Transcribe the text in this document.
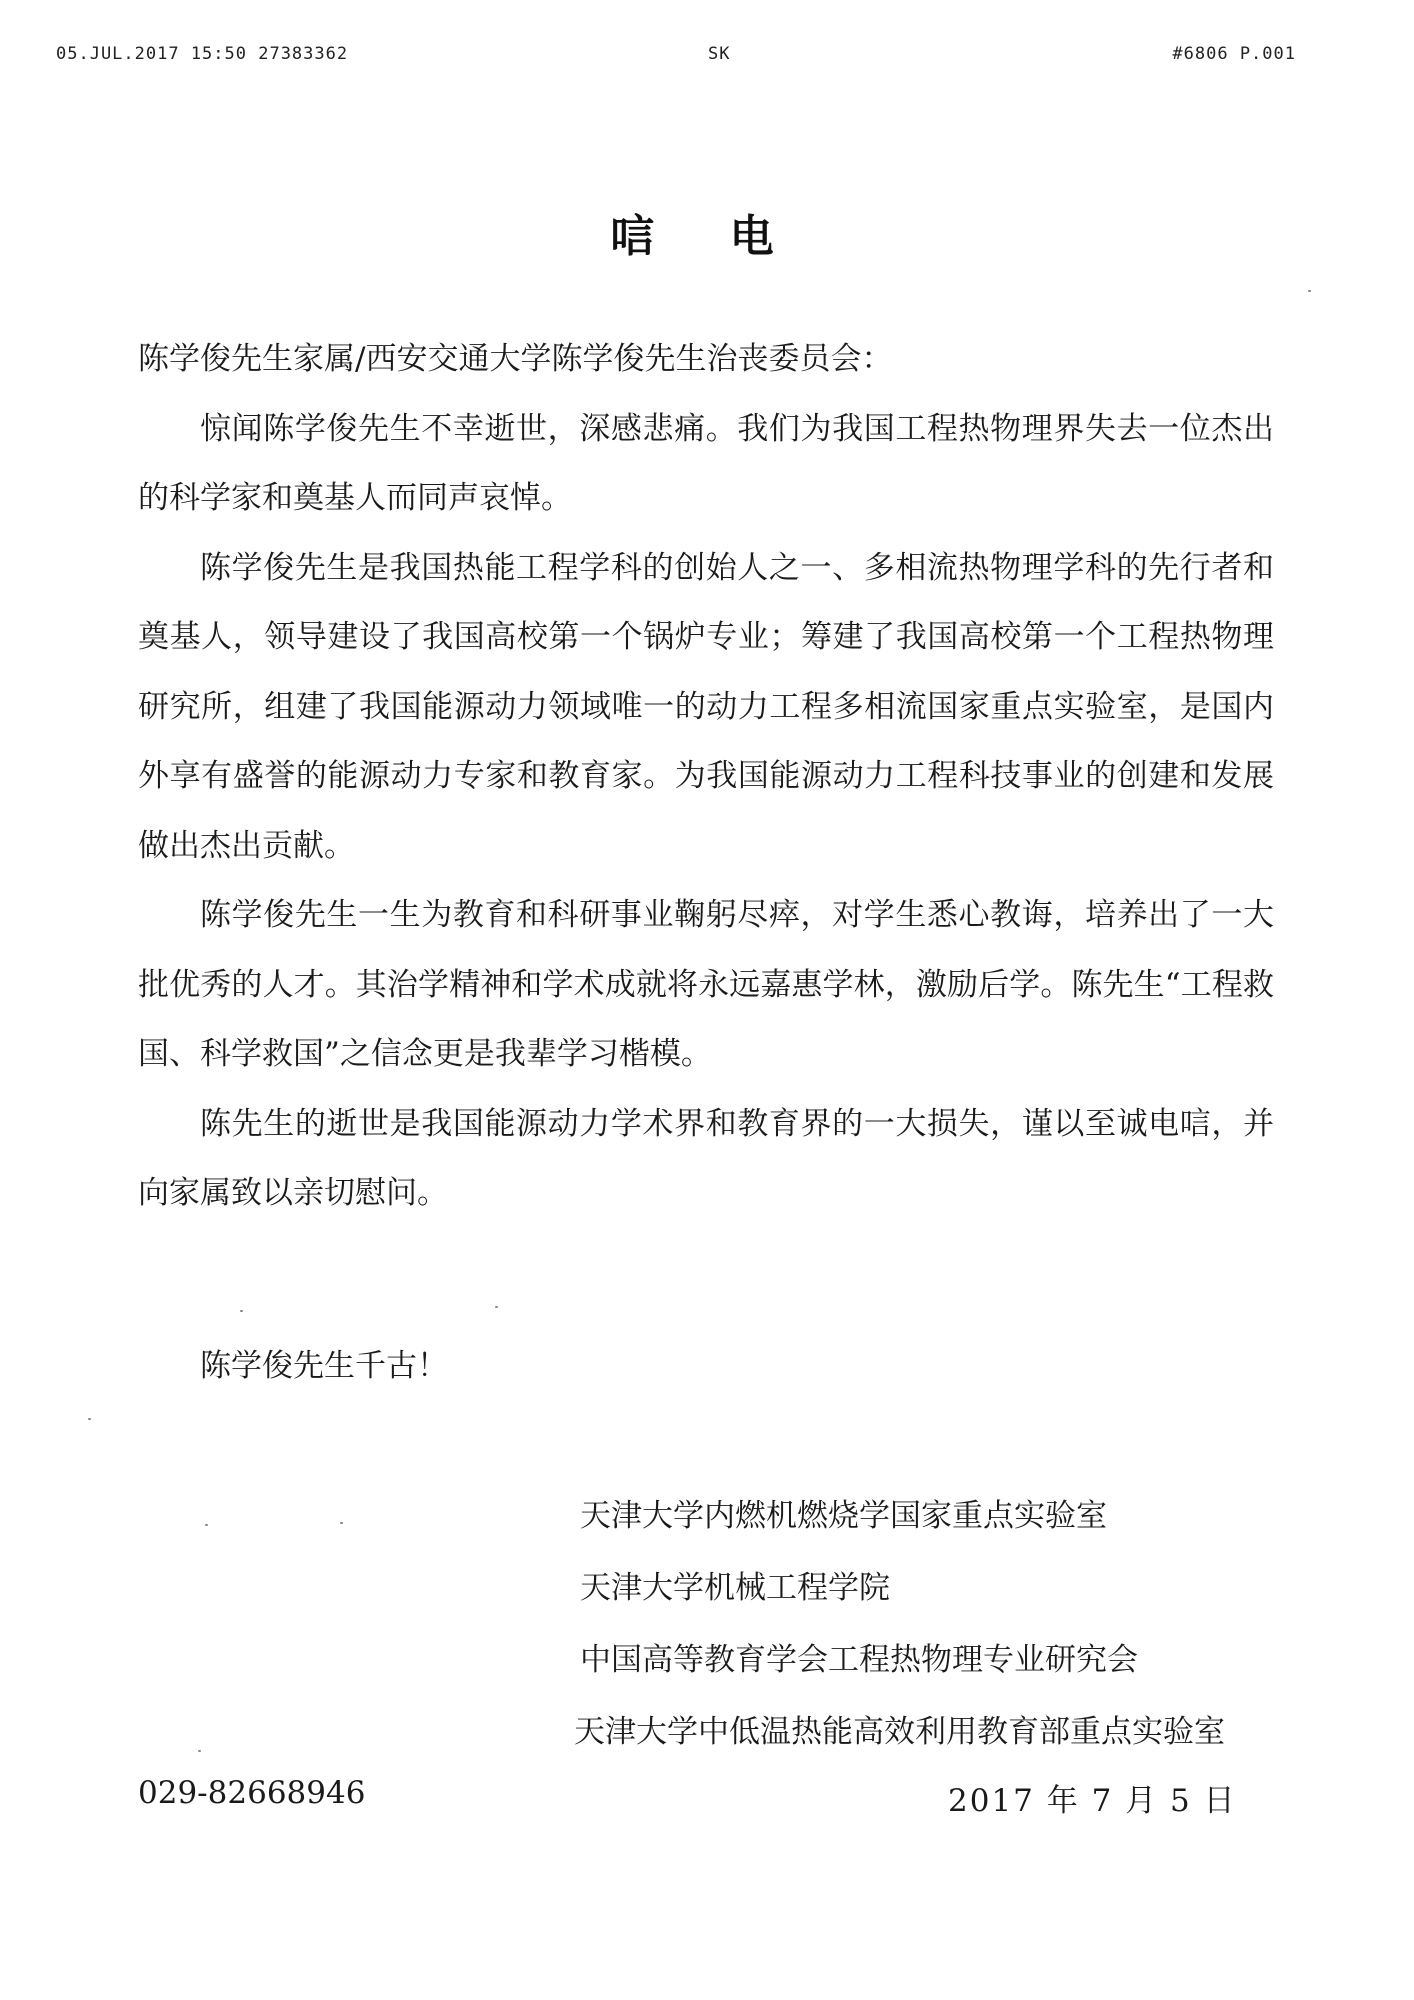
05.JUL.2017 15:50 27383362	SK	#6806 P.001
唁 电

陈学俊先生家属/西安交通大学陈学俊先生治丧委员会：

惊闻陈学俊先生不幸逝世，深感悲痛。我们为我国工程热物理界失去一位杰出的科学家和奠基人而同声哀悼。

陈学俊先生是我国热能工程学科的创始人之一、多相流热物理学科的先行者和奠基人，领导建设了我国高校第一个锅炉专业；筹建了我国高校第一个工程热物理研究所，组建了我国能源动力领域唯一的动力工程多相流国家重点实验室，是国内外享有盛誉的能源动力专家和教育家。为我国能源动力工程科技事业的创建和发展做出杰出贡献。

陈学俊先生一生为教育和科研事业鞠躬尽瘁，对学生悉心教诲，培养出了一大批优秀的人才。其治学精神和学术成就将永远嘉惠学林，激励后学。陈先生“工程救国、科学救国”之信念更是我辈学习楷模。

陈先生的逝世是我国能源动力学术界和教育界的一大损失，谨以至诚电唁，并向家属致以亲切慰问。

陈学俊先生千古！
天津大学内燃机燃烧学国家重点实验室
天津大学机械工程学院
中国高等教育学会工程热物理专业研究会
天津大学中低温热能高效利用教育部重点实验室
029-82668946	2017 年 7 月 5 日
